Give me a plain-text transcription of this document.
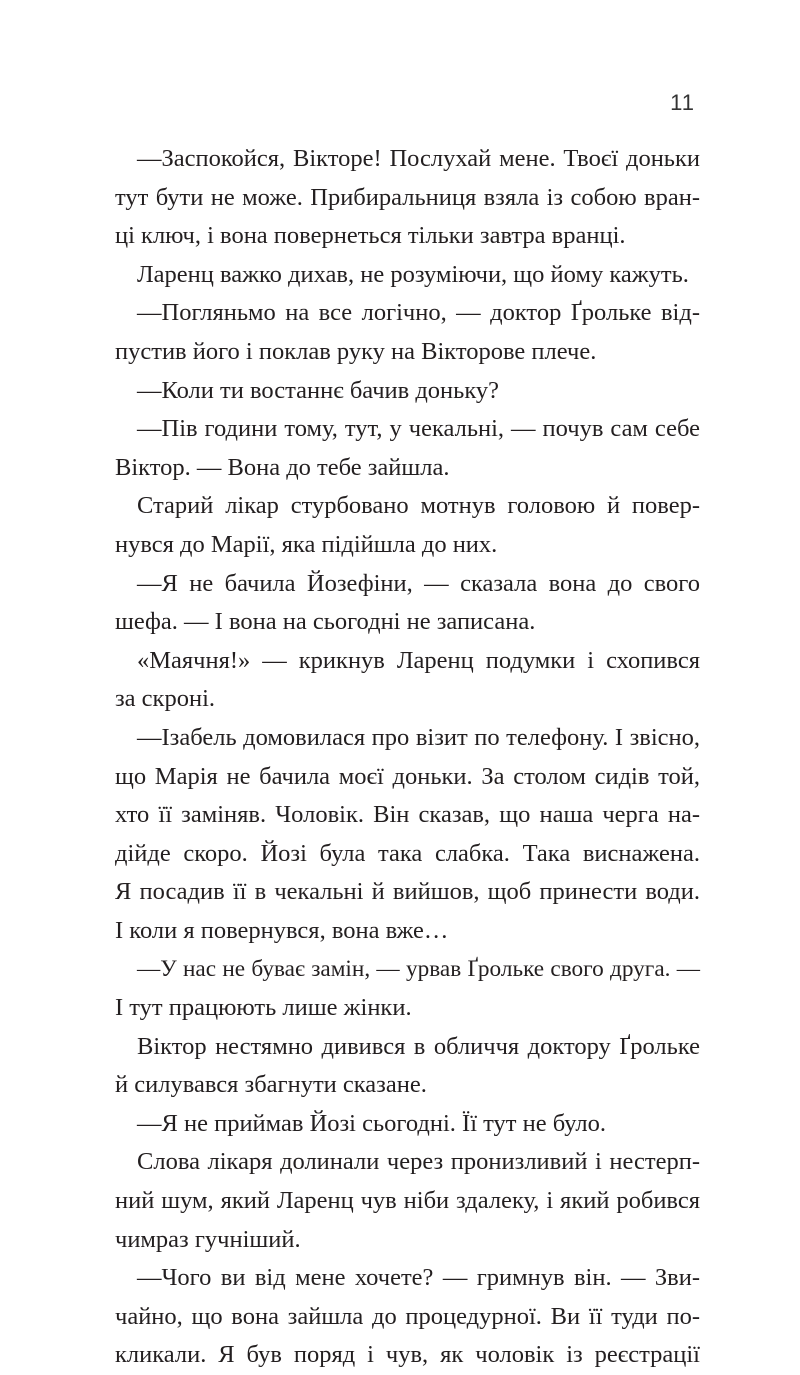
11
—Заспокойся, Вікторе! Послухай мене. Твоєї доньки
тут бути не може. Прибиральниця взяла із собою вран-
ці ключ, і вона повернеться тільки завтра вранці.
Ларенц важко дихав, не розуміючи, що йому кажуть.
—Погляньмо на все логічно, — доктор Ґрольке від-
пустив його і поклав руку на Вікторове плече.
—Коли ти востаннє бачив доньку?
—Пів години тому, тут, у чекальні, — почув сам себе
Віктор. — Вона до тебе зайшла.
Старий лікар стурбовано мотнув головою й повер-
нувся до Марії, яка підійшла до них.
—Я не бачила Йозефіни, — сказала вона до свого
шефа. — І вона на сьогодні не записана.
«Маячня!» — крикнув Ларенц подумки і схопився
за скроні.
—Ізабель домовилася про візит по телефону. І звісно,
що Марія не бачила моєї доньки. За столом сидів той,
хто її заміняв. Чоловік. Він сказав, що наша черга на-
дійде скоро. Йозі була така слабка. Така виснажена.
Я посадив її в чекальні й вийшов, щоб принести води.
І коли я повернувся, вона вже…
—У нас не буває замін, — урвав Ґрольке свого друга. —
І тут працюють лише жінки.
Віктор нестямно дивився в обличчя доктору Ґрольке
й силувався збагнути сказане.
—Я не приймав Йозі сьогодні. Її тут не було.
Слова лікаря долинали через пронизливий і нестерп-
ний шум, який Ларенц чув ніби здалеку, і який робився
чимраз гучніший.
—Чого ви від мене хочете? — гримнув він. — Зви-
чайно, що вона зайшла до процедурної. Ви її туди по-
кликали. Я був поряд і чув, як чоловік із реєстрації
